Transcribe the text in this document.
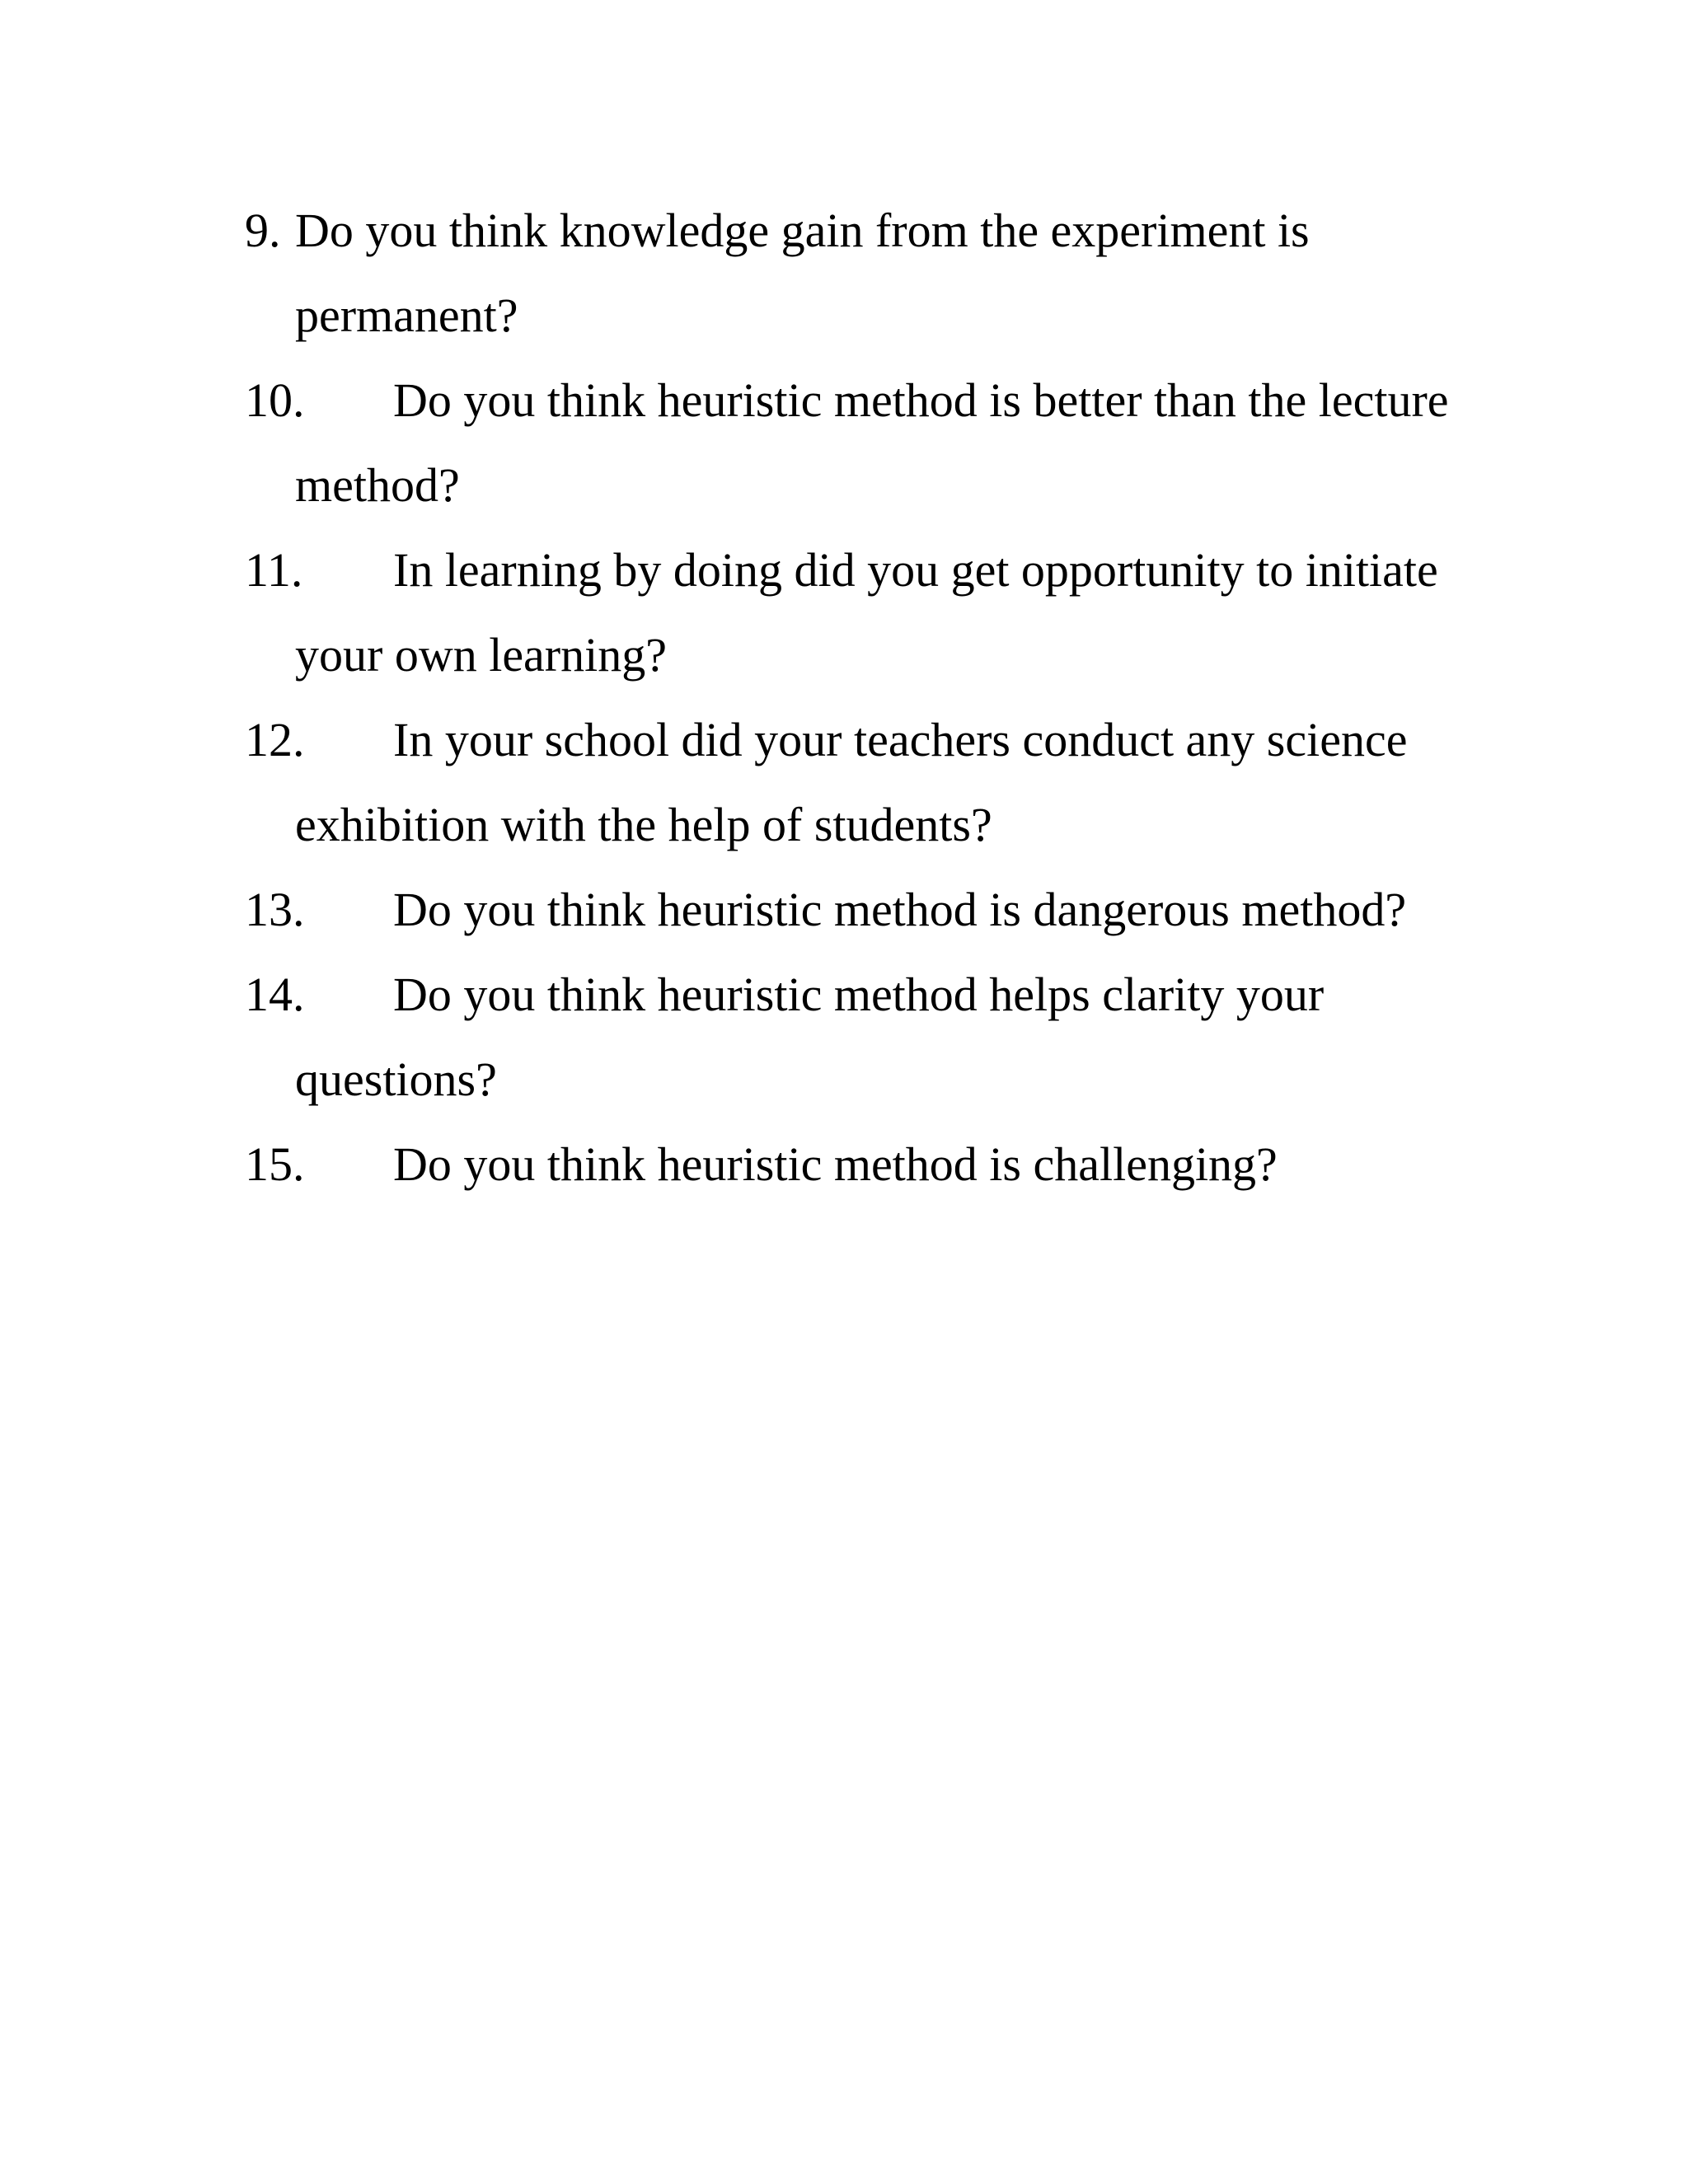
9. Do you think knowledge gain from the experiment is permanent?
10.	Do you think heuristic method is better than the lecture method?
11.	In learning by doing did you get opportunity to initiate your own learning?
12.	In your school did your teachers conduct any science exhibition with the help of students?
13.	Do you think heuristic method is dangerous method?
14.	Do you think heuristic method helps clarity your questions?
15.	Do you think heuristic method is challenging?
